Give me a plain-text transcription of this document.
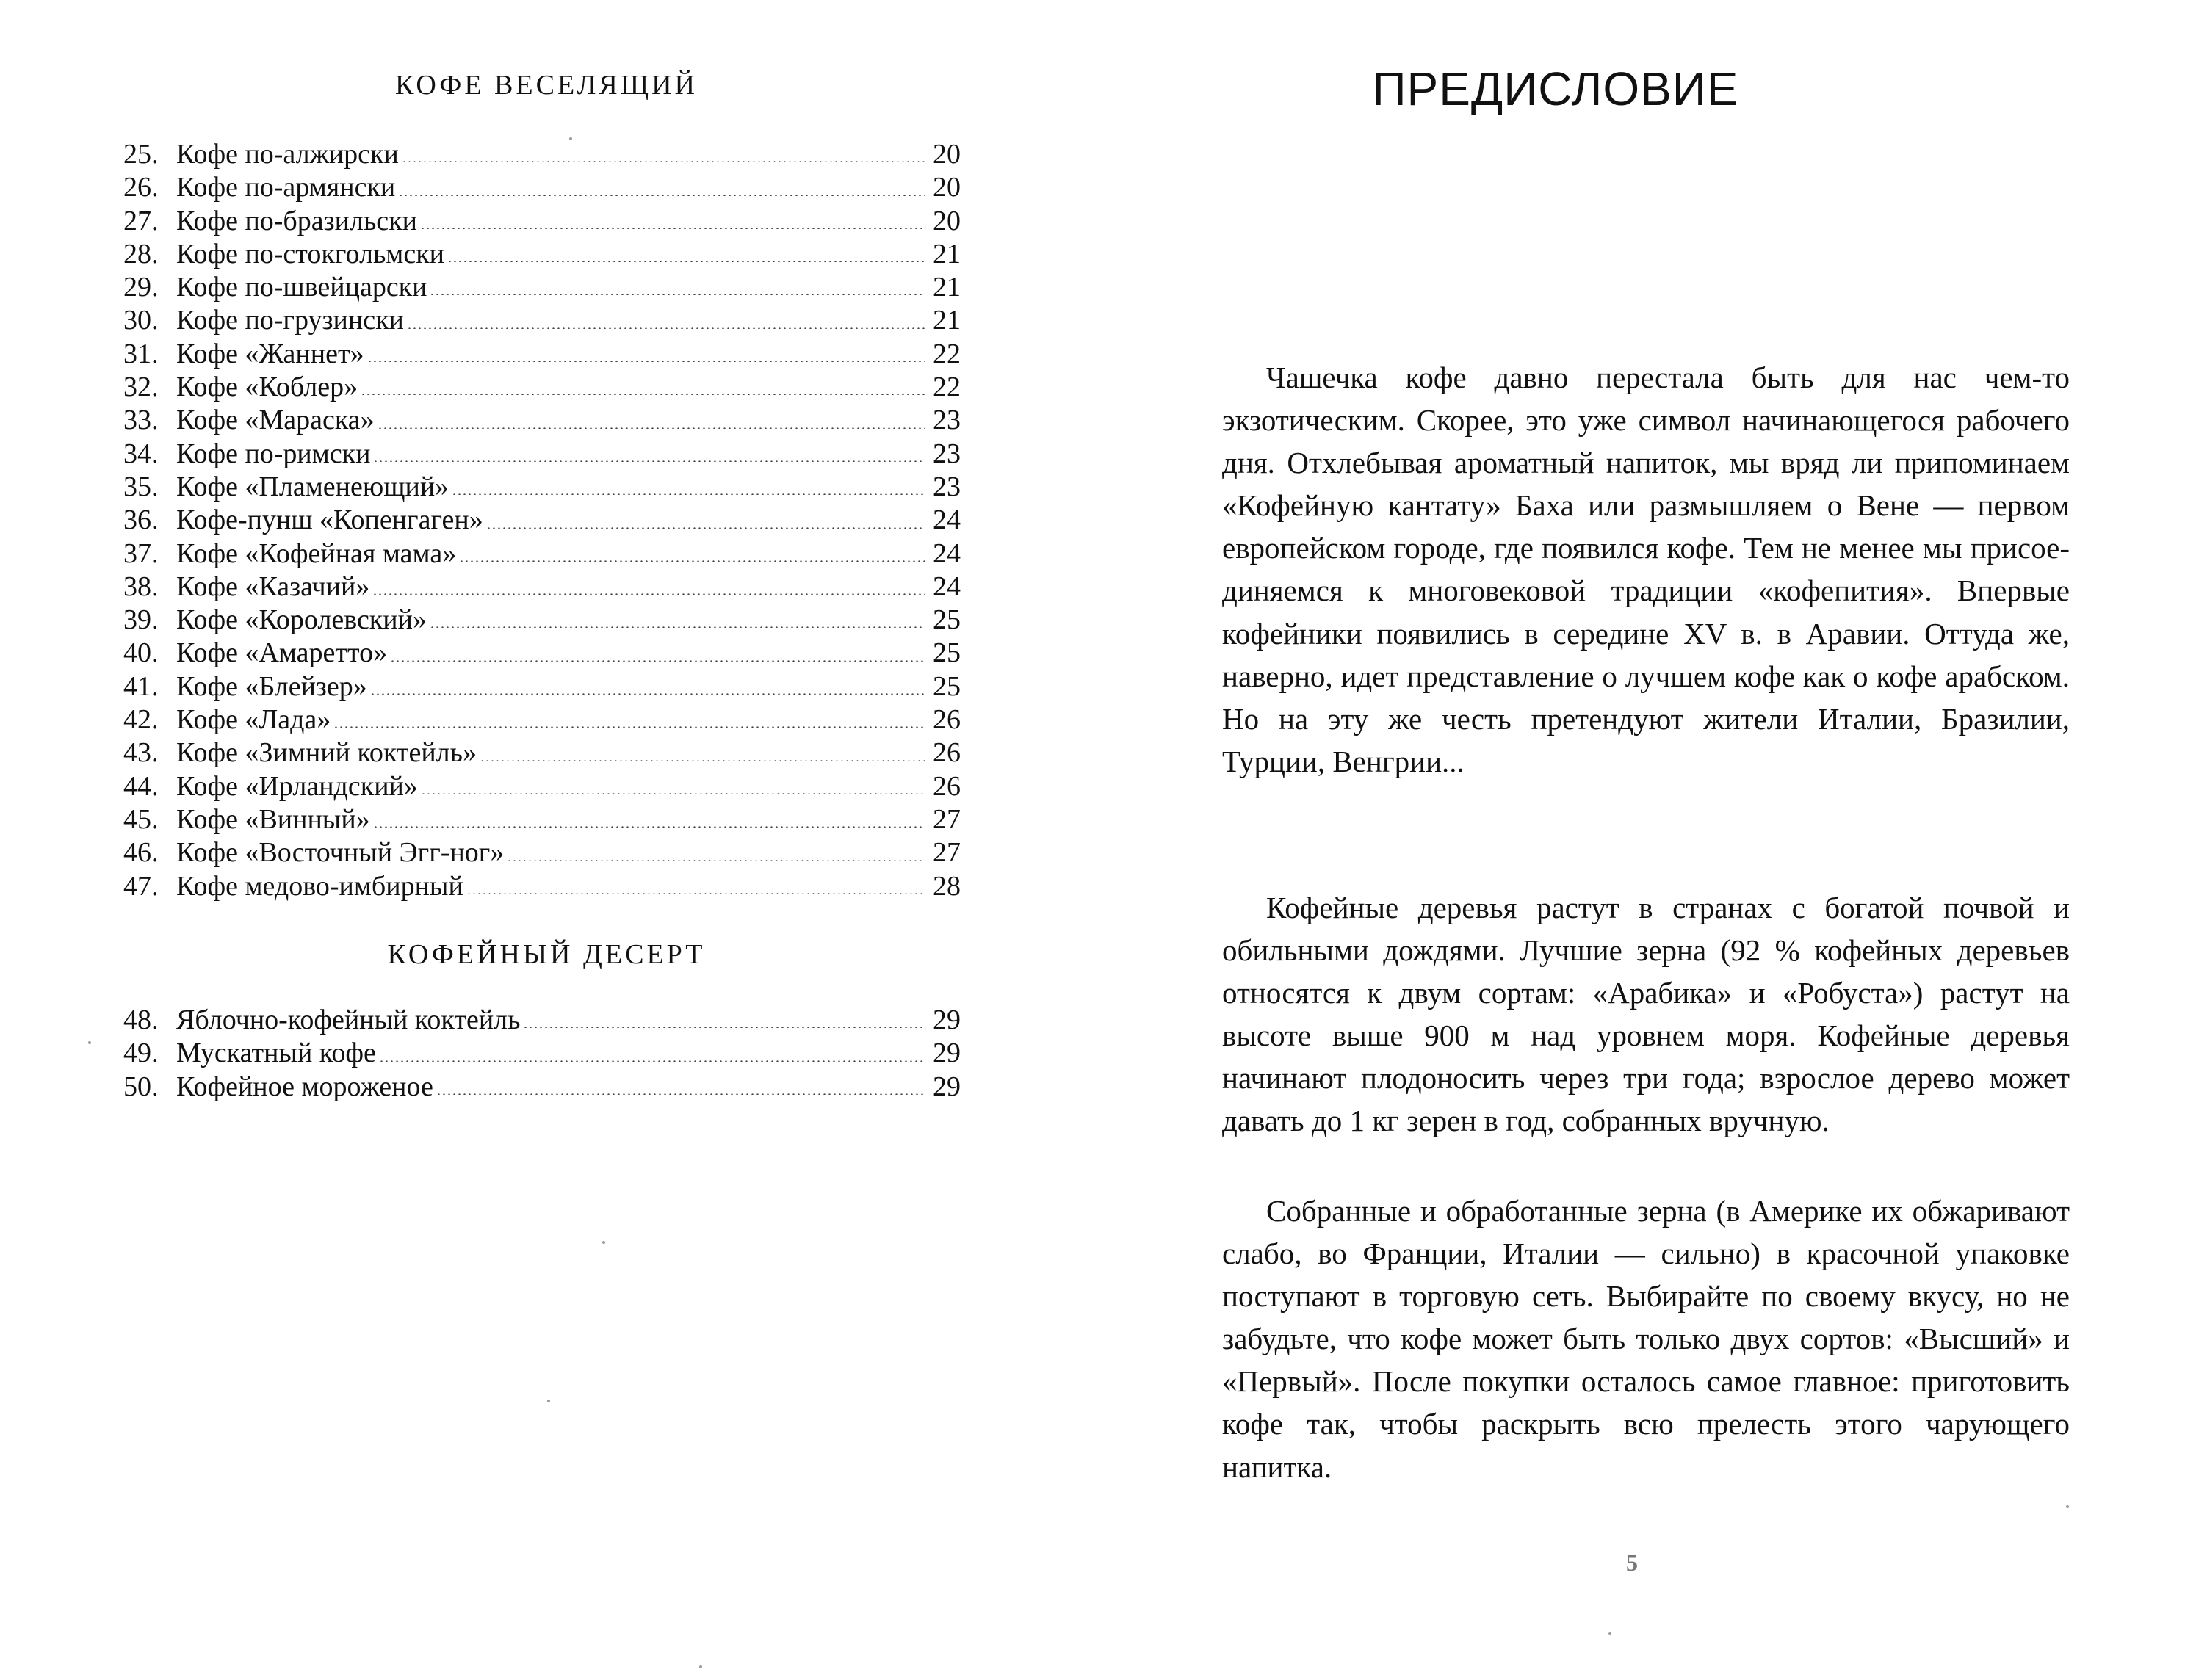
КОФЕ ВЕСЕЛЯЩИЙ
25. Кофе по-алжирски	20
26. Кофе по-армянски	20
27. Кофе по-бразильски	20
28. Кофе по-стокгольмски	21
29. Кофе по-швейцарски	21
30. Кофе по-грузински	21
31. Кофе «Жаннет»	22
32. Кофе «Коблер»	22
33. Кофе «Мараска»	23
34. Кофе по-римски	23
35. Кофе «Пламенеющий»	23
36. Кофе-пунш «Копенгаген»	24
37. Кофе «Кофейная мама»	24
38. Кофе «Казачий»	24
39. Кофе «Королевский»	25
40. Кофе «Амаретто»	25
41. Кофе «Блейзер»	25
42. Кофе «Лада»	26
43. Кофе «Зимний коктейль»	26
44. Кофе «Ирландский»	26
45. Кофе «Винный»	27
46. Кофе «Восточный Эгг-ног»	27
47. Кофе медово-имбирный	28
КОФЕЙНЫЙ ДЕСЕРТ
48. Яблочно-кофейный коктейль	29
49. Мускатный кофе	29
50. Кофейное мороженое	29
ПРЕДИСЛОВИЕ

Чашечка кофе давно перестала быть для нас чем-то экзотическим. Скорее, это уже символ начинающегося рабочего дня. Отхлебывая ароматный напиток, мы вряд ли припоминаем «Кофейную кантату» Баха или размышляем о Вене — первом европейском городе, где появился кофе. Тем не менее мы присоединяемся к многовековой традиции «кофепития». Впервые кофейники появились в середине XV в. в Аравии. Оттуда же, наверно, идет представление о лучшем кофе как о кофе арабском. Но на эту же честь претендуют жители Италии, Бразилии, Турции, Венгрии...

Кофейные деревья растут в странах с богатой почвой и обильными дождями. Лучшие зерна (92 % кофейных деревьев относятся к двум сортам: «Арабика» и «Робуста») растут на высоте выше 900 м над уровнем моря. Кофейные деревья начинают плодоносить через три года; взрослое дерево может давать до 1 кг зерен в год, собранных вручную.

Собранные и обработанные зерна (в Америке их обжаривают слабо, во Франции, Италии — сильно) в красочной упаковке поступают в торговую сеть. Выбирайте по своему вкусу, но не забудьте, что кофе может быть только двух сортов: «Высший» и «Первый». После покупки осталось самое главное: приготовить кофе так, чтобы раскрыть всю прелесть этого чарующего напитка.

5
